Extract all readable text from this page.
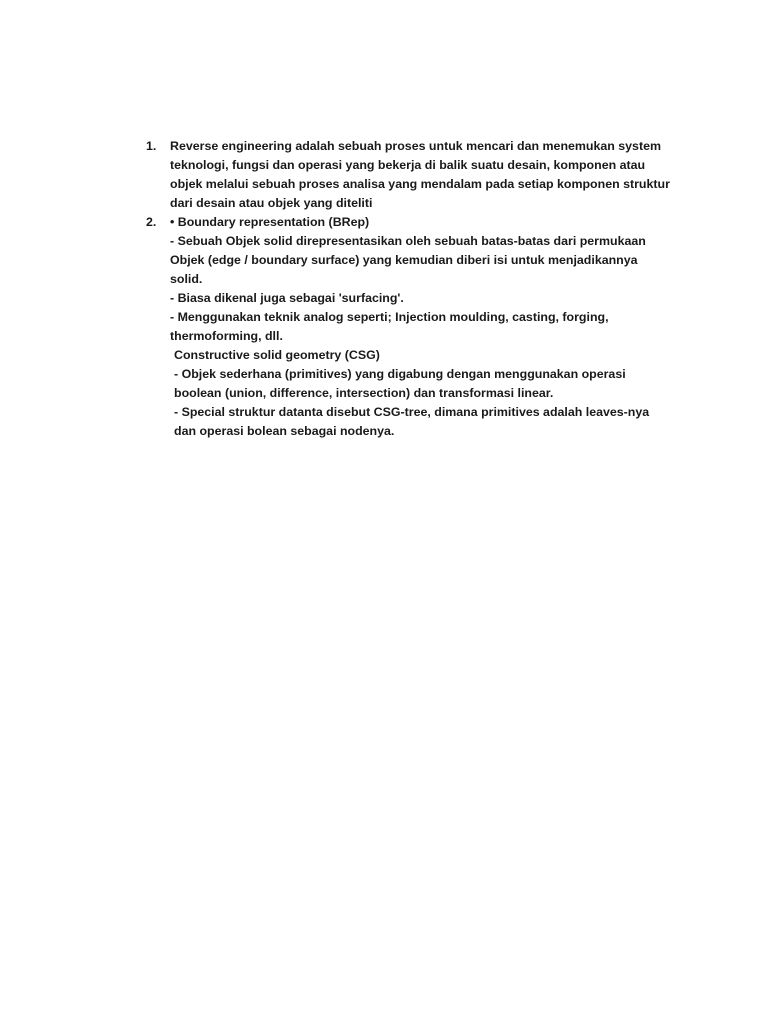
1. Reverse engineering adalah sebuah proses untuk mencari dan menemukan system
teknologi, fungsi dan operasi yang bekerja di balik suatu desain, komponen atau
objek melalui sebuah proses analisa yang mendalam pada setiap komponen struktur
dari desain atau objek yang diteliti
2. • Boundary representation (BRep)
- Sebuah Objek solid direpresentasikan oleh sebuah batas-batas dari permukaan
Objek (edge / boundary surface) yang kemudian diberi isi untuk menjadikannya
solid.
- Biasa dikenal juga sebagai 'surfacing'.
- Menggunakan teknik analog seperti; Injection moulding, casting, forging,
thermoforming, dll.
Constructive solid geometry (CSG)
- Objek sederhana (primitives) yang digabung dengan menggunakan operasi
boolean (union, difference, intersection) dan transformasi linear.
- Special struktur datanta disebut CSG-tree, dimana primitives adalah leaves-nya
dan operasi bolean sebagai nodenya.
